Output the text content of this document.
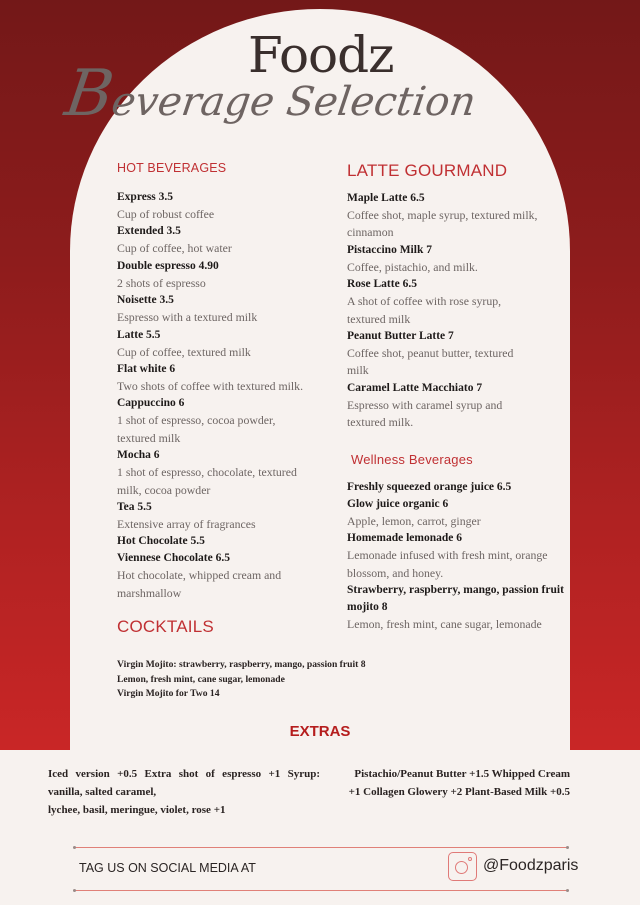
Foodz
Beverage Selection
HOT BEVERAGES
Express 3.5
Cup of robust coffee
Extended 3.5
Cup of coffee, hot water
Double espresso 4.90
2 shots of espresso
Noisette 3.5
Espresso with a textured milk
Latte 5.5
Cup of coffee, textured milk
Flat white 6
Two shots of coffee with textured milk.
Cappuccino 6
1 shot of espresso, cocoa powder, textured milk
Mocha 6
1 shot of espresso, chocolate, textured milk, cocoa powder
Tea 5.5
Extensive array of fragrances
Hot Chocolate 5.5
Viennese Chocolate 6.5
Hot chocolate, whipped cream and marshmallow
LATTE GOURMAND
Maple Latte 6.5
Coffee shot, maple syrup, textured milk, cinnamon
Pistaccino Milk 7
Coffee, pistachio, and milk.
Rose Latte 6.5
A shot of coffee with rose syrup, textured milk
Peanut Butter Latte 7
Coffee shot, peanut butter, textured milk
Caramel Latte Macchiato 7
Espresso with caramel syrup and textured milk.
Wellness Beverages
Freshly squeezed orange juice 6.5
Glow juice organic 6
Apple, lemon, carrot, ginger
Homemade lemonade 6
Lemonade infused with fresh mint, orange blossom, and honey.
Strawberry, raspberry, mango, passion fruit mojito 8
Lemon, fresh mint, cane sugar, lemonade
COCKTAILS
Virgin Mojito: strawberry, raspberry, mango, passion fruit 8
Lemon, fresh mint, cane sugar, lemonade
Virgin Mojito for Two 14
EXTRAS
Iced version +0.5 Extra shot of espresso +1 Syrup: vanilla, salted caramel,
lychee, basil, meringue, violet, rose +1
Pistachio/Peanut Butter +1.5 Whipped Cream +1 Collagen Glowery +2 Plant-Based Milk +0.5
TAG US ON SOCIAL MEDIA AT	@Foodzparis
